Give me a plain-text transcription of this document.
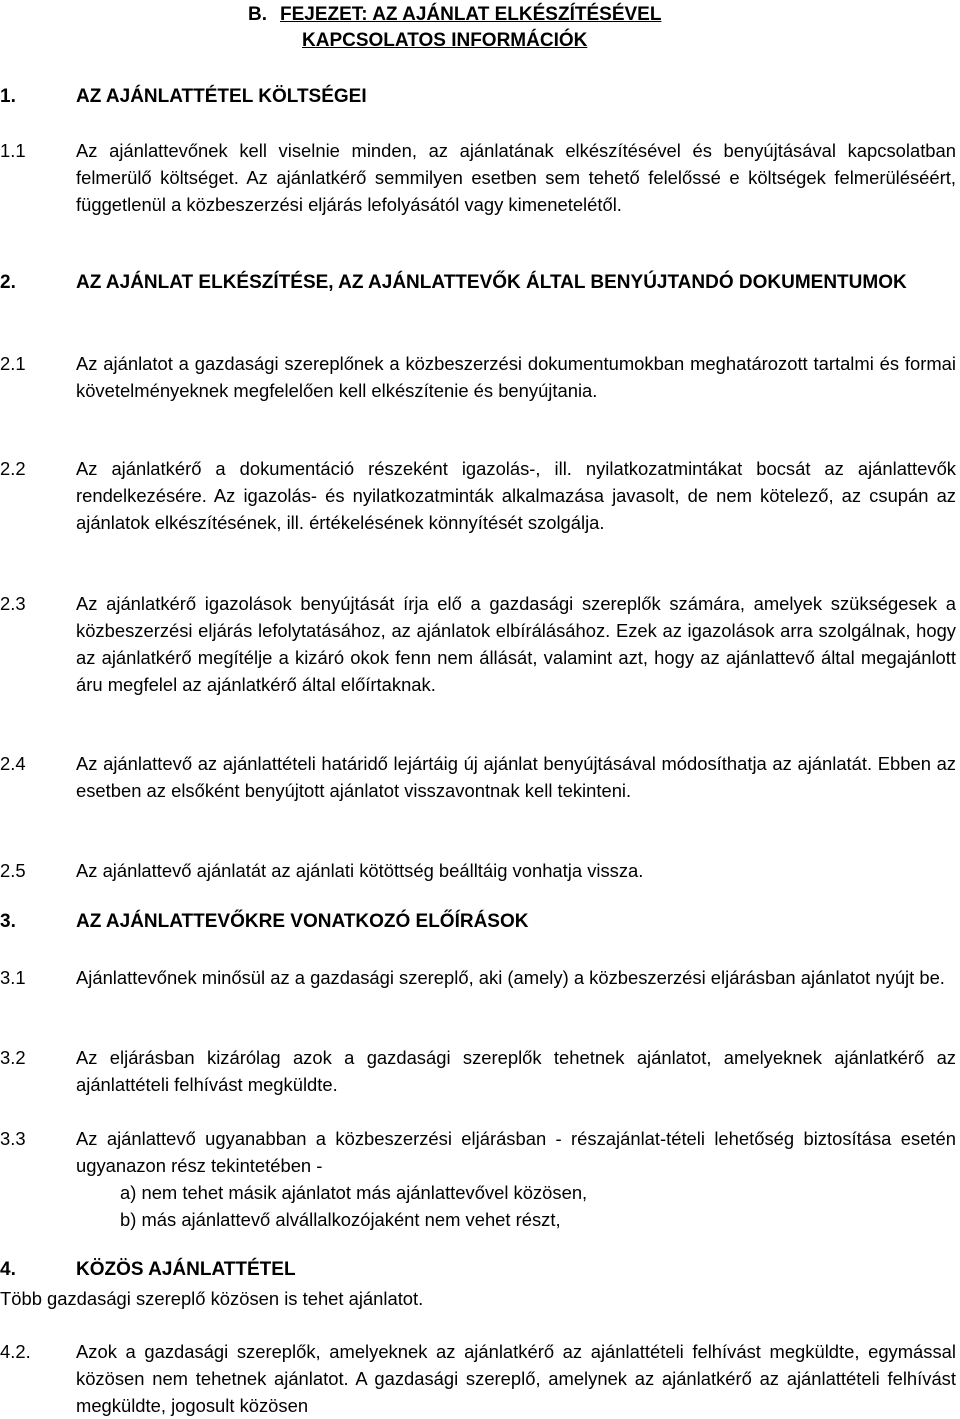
B. FEJEZET: AZ AJÁNLAT ELKÉSZÍTÉSÉVEL
KAPCSOLATOS INFORMÁCIÓK
1.	AZ AJÁNLATTÉTEL KÖLTSÉGEI
1.1	Az ajánlattevőnek kell viselnie minden, az ajánlatának elkészítésével és benyújtásával kapcsolatban felmerülő költséget. Az ajánlatkérő semmilyen esetben sem tehető felelőssé e költségek felmerüléséért, függetlenül a közbeszerzési eljárás lefolyásától vagy kimenetelétől.
2.	AZ AJÁNLAT ELKÉSZÍTÉSE, AZ AJÁNLATTEVŐK ÁLTAL BENYÚJTANDÓ DOKUMENTUMOK
2.1	Az ajánlatot a gazdasági szereplőnek a közbeszerzési dokumentumokban meghatározott tartalmi és formai követelményeknek megfelelően kell elkészítenie és benyújtania.
2.2	Az ajánlatkérő a dokumentáció részeként igazolás-, ill. nyilatkozatmintákat bocsát az ajánlattevők rendelkezésére. Az igazolás- és nyilatkozatminták alkalmazása javasolt, de nem kötelező, az csupán az ajánlatok elkészítésének, ill. értékelésének könnyítését szolgálja.
2.3	Az ajánlatkérő igazolások benyújtását írja elő a gazdasági szereplők számára, amelyek szükségesek a közbeszerzési eljárás lefolytatásához, az ajánlatok elbírálásához. Ezek az igazolások arra szolgálnak, hogy az ajánlatkérő megítélje a kizáró okok fenn nem állását, valamint azt, hogy az ajánlattevő által megajánlott áru megfelel az ajánlatkérő által előírtaknak.
2.4	Az ajánlattevő az ajánlattételi határidő lejártáig új ajánlat benyújtásával módosíthatja az ajánlatát. Ebben az esetben az elsőként benyújtott ajánlatot visszavontnak kell tekinteni.
2.5	Az ajánlattevő ajánlatát az ajánlati kötöttség beálltáig vonhatja vissza.
3.	AZ AJÁNLATTEVŐKRE VONATKOZÓ ELŐÍRÁSOK
3.1	Ajánlattevőnek minősül az a gazdasági szereplő, aki (amely) a közbeszerzési eljárásban ajánlatot nyújt be.
3.2	Az eljárásban kizárólag azok a gazdasági szereplők tehetnek ajánlatot, amelyeknek ajánlatkérő az ajánlattételi felhívást megküldte.
3.3	Az ajánlattevő ugyanabban a közbeszerzési eljárásban - részajánlat-tételi lehetőség biztosítása esetén ugyanazon rész tekintetében -
a) nem tehet másik ajánlatot más ajánlattevővel közösen,
b) más ajánlattevő alvállalkozójaként nem vehet részt,
4.	KÖZÖS AJÁNLATTÉTEL
Több gazdasági szereplő közösen is tehet ajánlatot.
4.2. Azok a gazdasági szereplők, amelyeknek az ajánlatkérő az ajánlattételi felhívást megküldte, egymással közösen nem tehetnek ajánlatot. A gazdasági szereplő, amelynek az ajánlatkérő az ajánlattételi felhívást megküldte, jogosult közösen
